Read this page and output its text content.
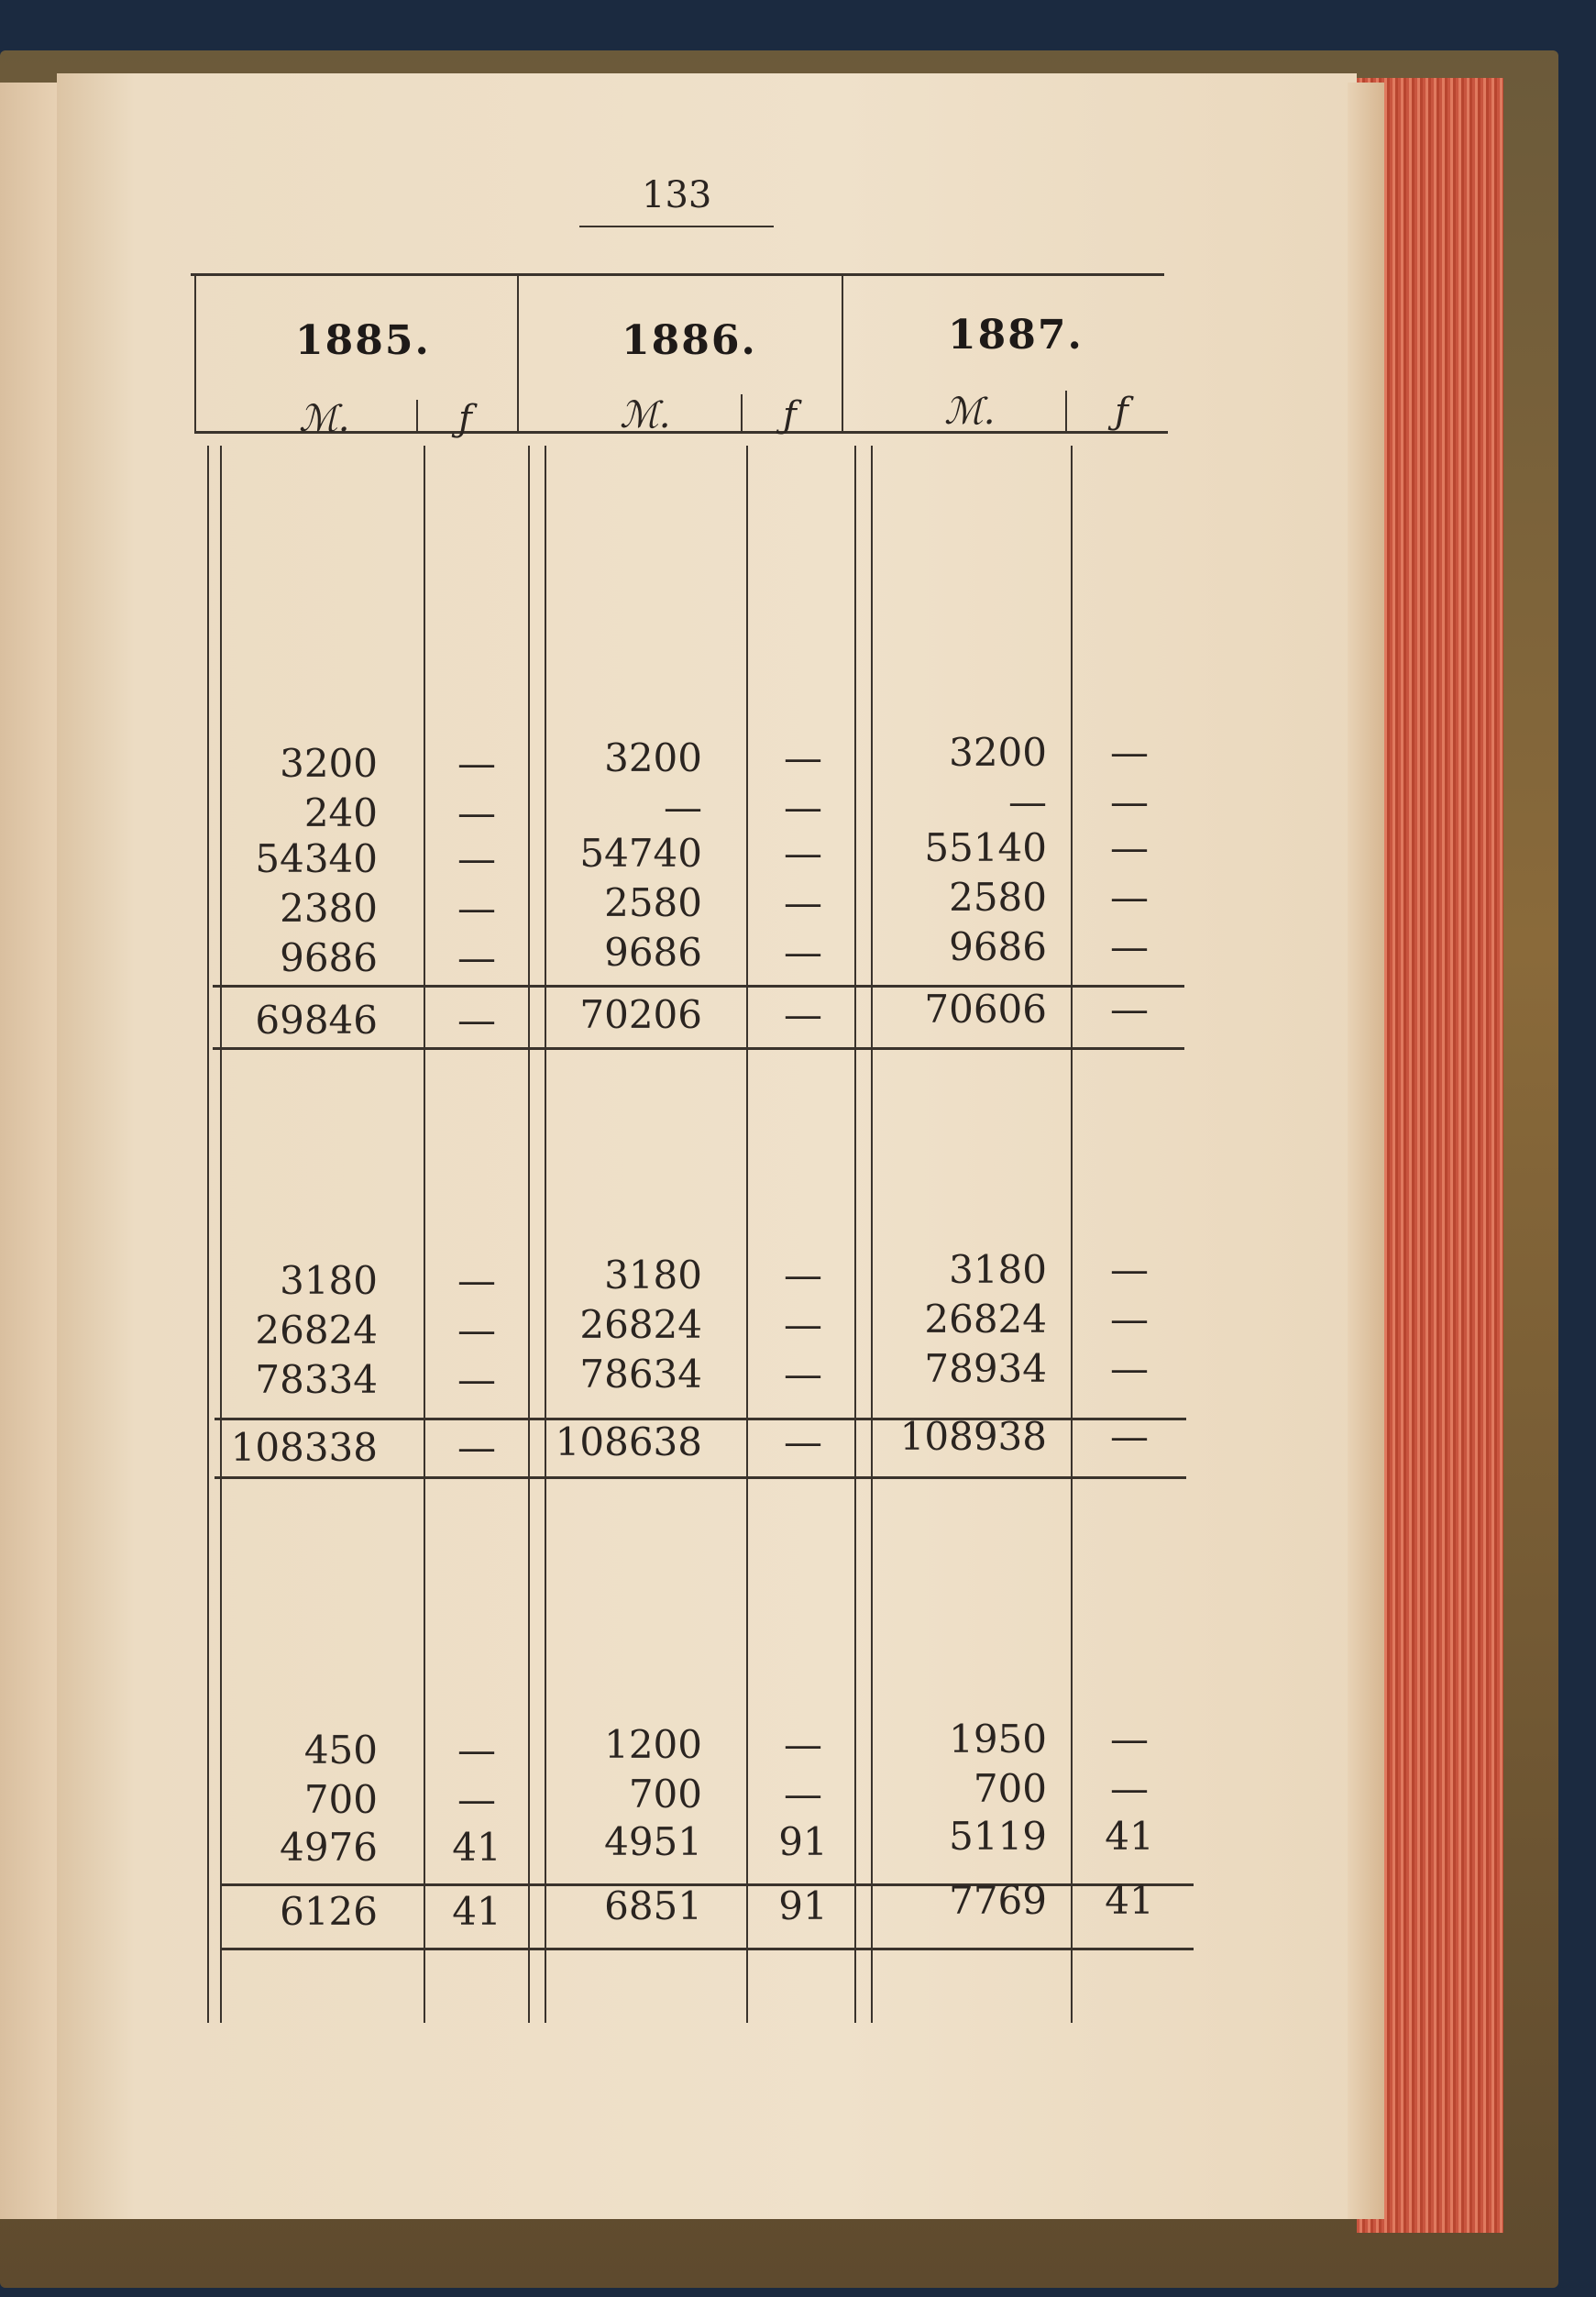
133
1885.	1886.	1887.
ℳ.	ƒ	ℳ.	ƒ	ℳ.	ƒ
3200	—	3200	—	3200	—
240	—	—	—	—	—
54340	—	54740	—	55140	—
2380	—	2580	—	2580	—
9686	—	9686	—	9686	—
69846	—	70206	—	70606	—
3180	—	3180	—	3180	—
26824	—	26824	—	26824	—
78334	—	78634	—	78934	—
108338	—	108638	—	108938	—
450	—	1200	—	1950	—
700	—	700	—	700	—
4976	41	4951	91	5119	41
6126	41	6851	91	7769	41
